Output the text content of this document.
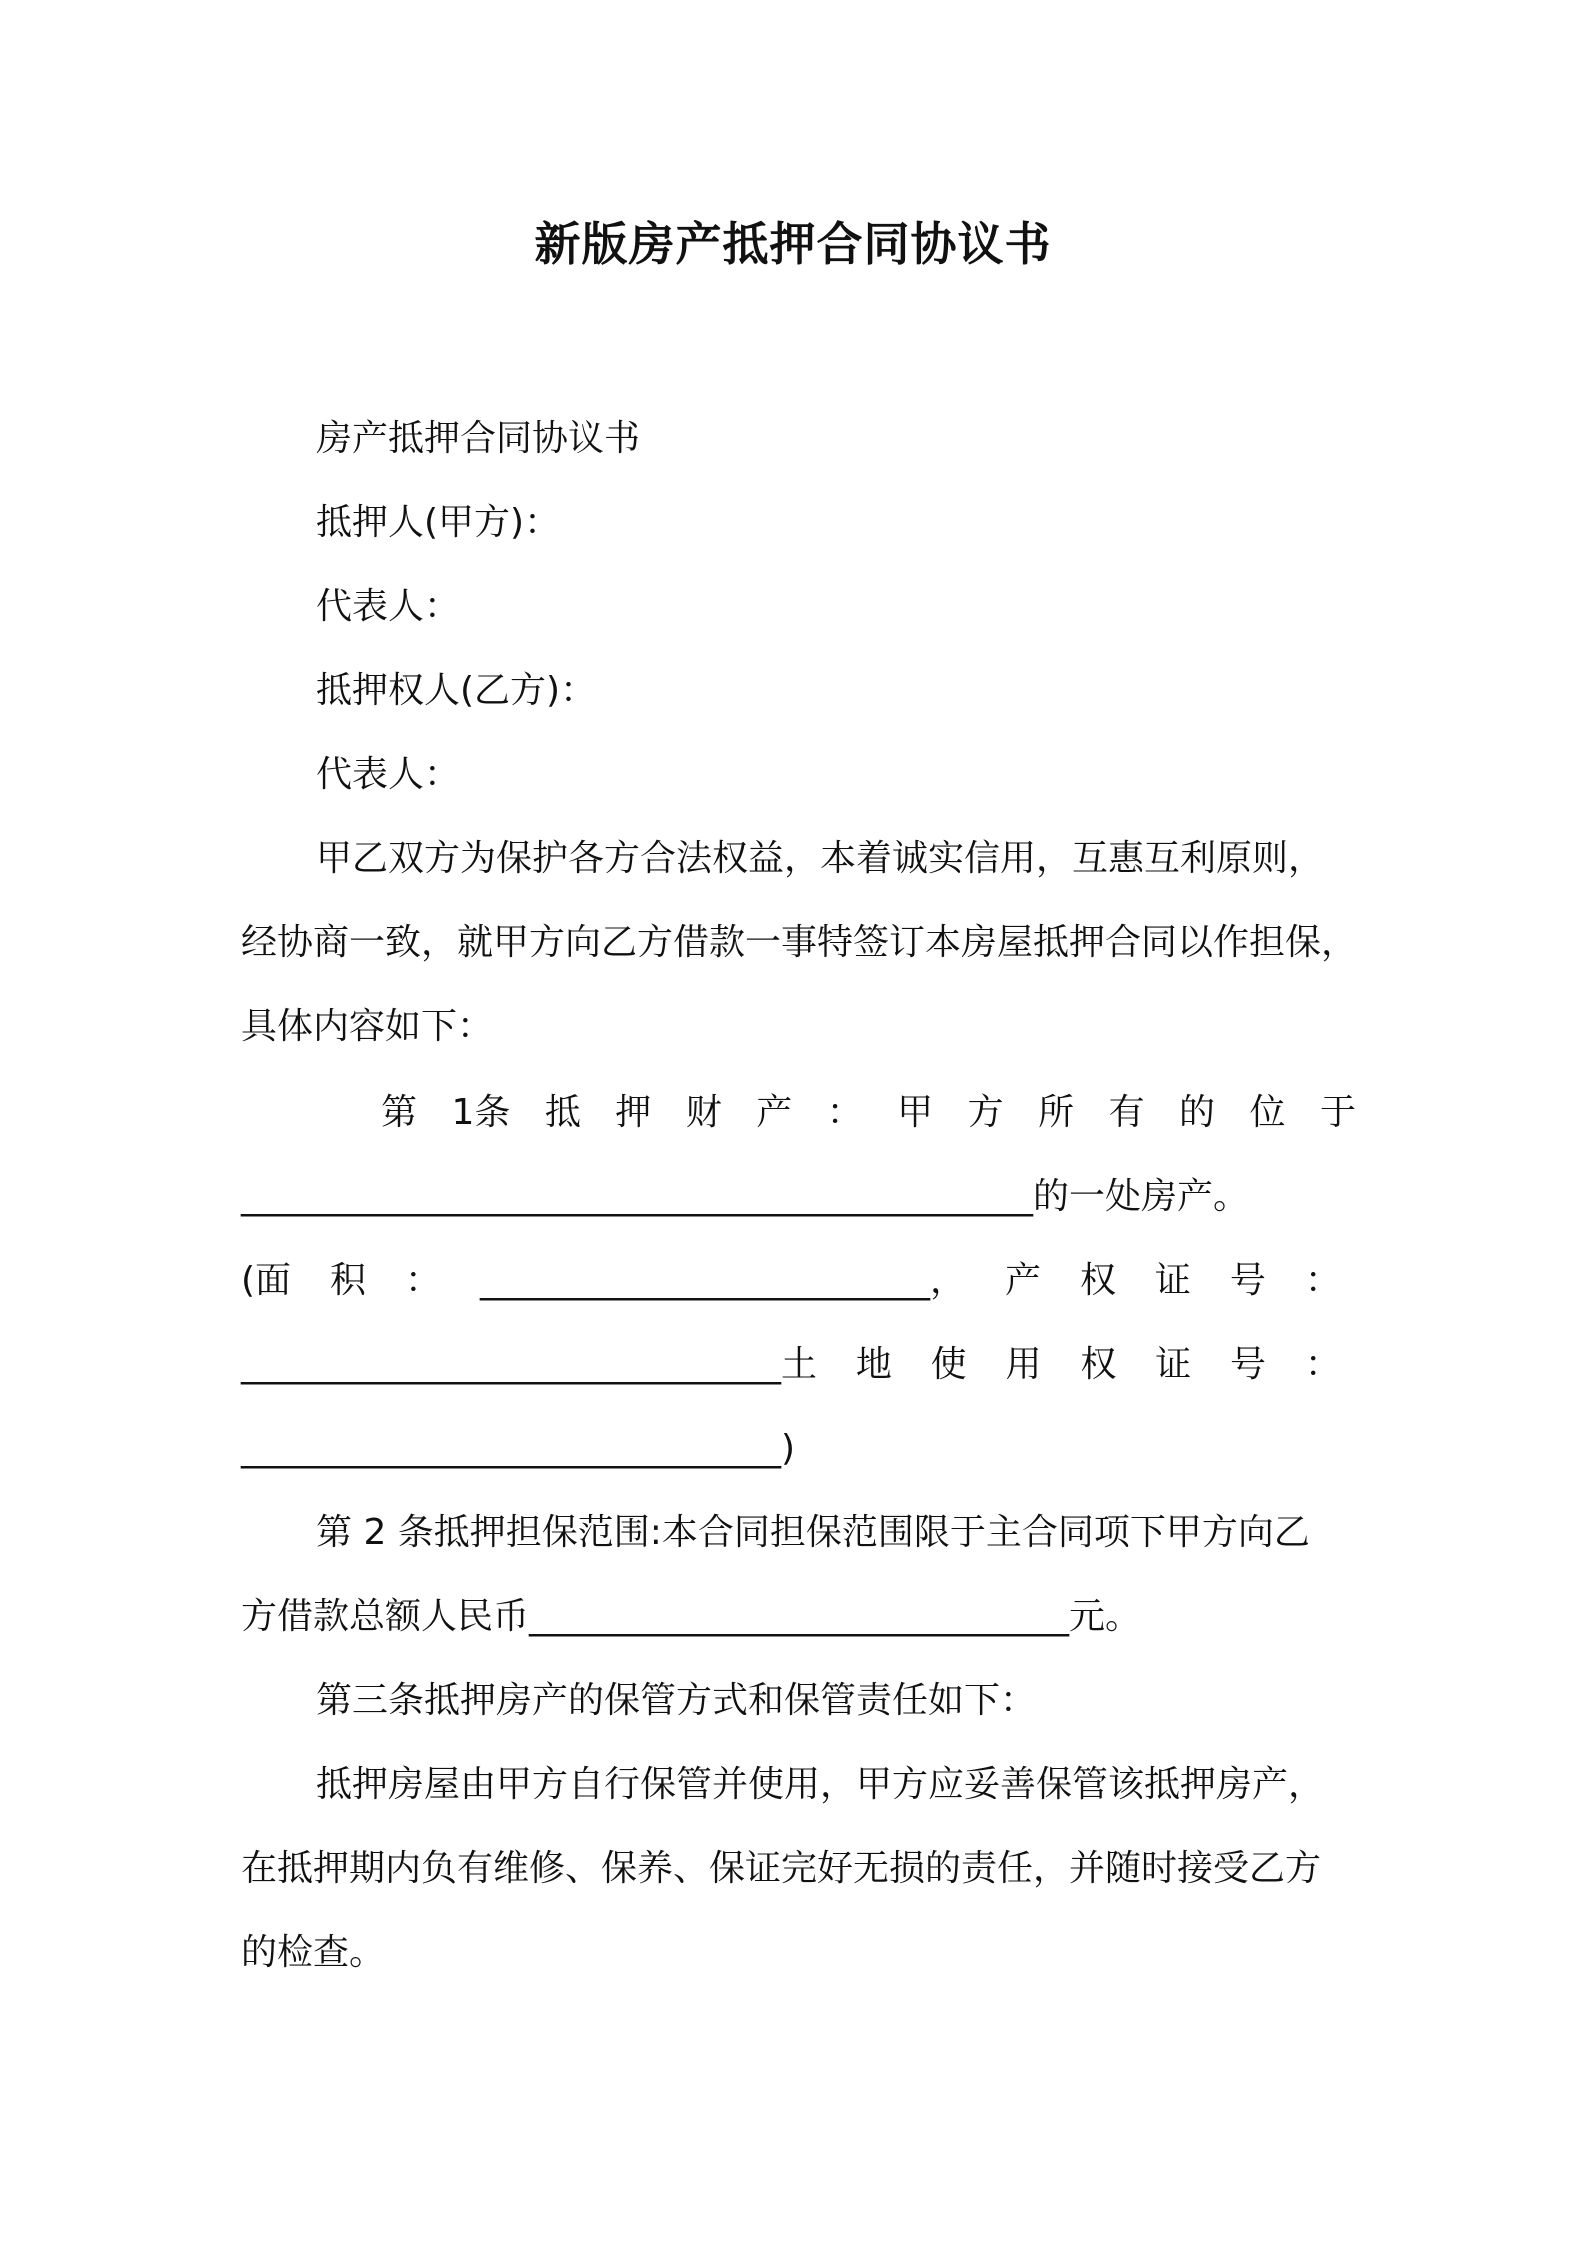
新版房产抵押合同协议书
房产抵押合同协议书
抵押人(甲方)：
代表人：
抵押权人(乙方)：
代表人：
甲乙双方为保护各方合法权益，本着诚实信用，互惠互利原则，
经协商一致，就甲方向乙方借款一事特签订本房屋抵押合同以作担保，
具体内容如下：
第 1条 抵 押 财 产 ： 甲 方 所 有 的 位 于
____________________________________________的一处房产。
(面 积 ： _________________________， 产 权 证 号 ：
______________________________土 地 使 用 权 证 号 ：
______________________________)
第 2 条抵押担保范围:本合同担保范围限于主合同项下甲方向乙
方借款总额人民币______________________________元。
第三条抵押房产的保管方式和保管责任如下：
抵押房屋由甲方自行保管并使用，甲方应妥善保管该抵押房产，
在抵押期内负有维修、保养、保证完好无损的责任，并随时接受乙方
的检查。
